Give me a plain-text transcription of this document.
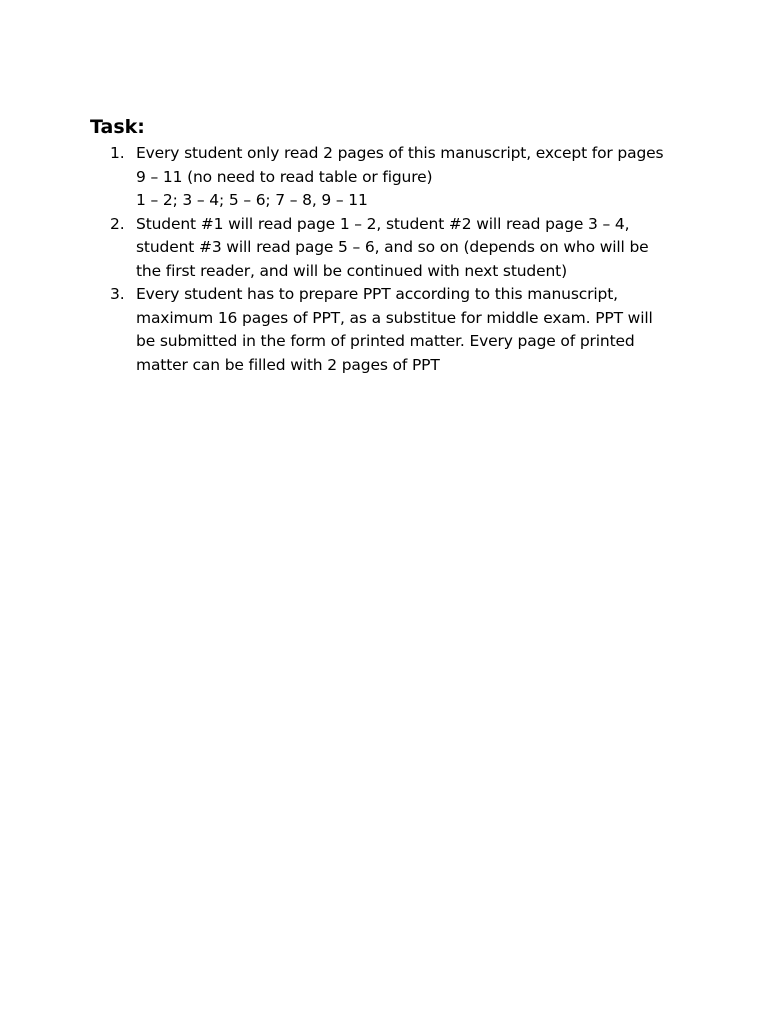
Task:
1. Every student only read 2 pages of this manuscript, except for pages
9 – 11 (no need to read table or figure)
1 – 2; 3 – 4; 5 – 6; 7 – 8, 9 – 11
2. Student #1 will read page 1 – 2, student #2 will read page 3 – 4,
student #3 will read page 5 – 6, and so on (depends on who will be
the first reader, and will be continued with next student)
3. Every student has to prepare PPT according to this manuscript,
maximum 16 pages of PPT, as a substitue for middle exam. PPT will
be submitted in the form of printed matter. Every page of printed
matter can be filled with 2 pages of PPT
